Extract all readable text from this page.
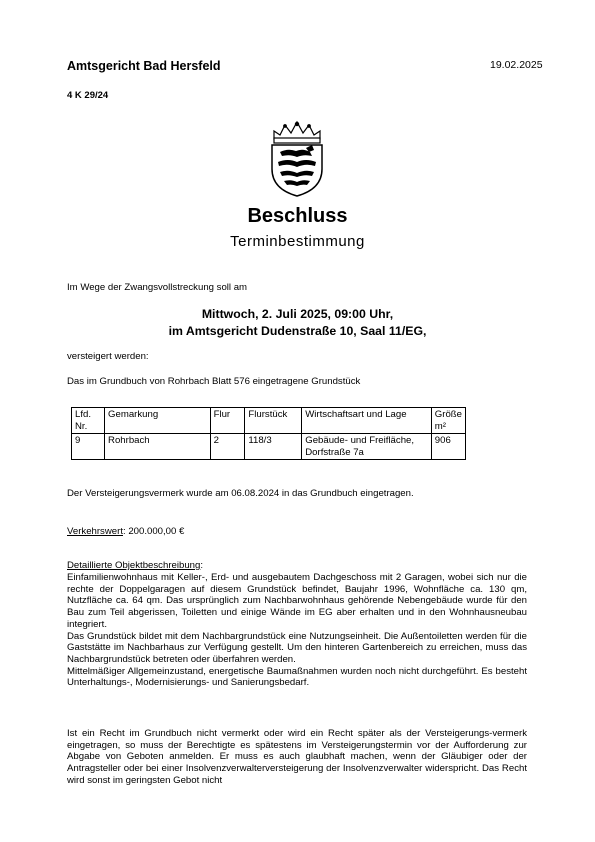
Amtsgericht Bad Hersfeld	19.02.2025
4 K 29/24
Beschluss
Terminbestimmung
Im Wege der Zwangsvollstreckung soll am
Mittwoch, 2. Juli 2025, 09:00 Uhr,
im Amtsgericht Dudenstraße 10, Saal 11/EG,
versteigert werden:
Das im Grundbuch von Rohrbach Blatt 576 eingetragene Grundstück
Lfd. Nr.	Gemarkung	Flur	Flurstück	Wirtschaftsart und Lage	Größe m²
9	Rohrbach	2	118/3	Gebäude- und Freifläche, Dorfstraße 7a	906
Der Versteigerungsvermerk wurde am 06.08.2024 in das Grundbuch eingetragen.
Verkehrswert: 200.000,00 €
Detaillierte Objektbeschreibung:
Einfamilienwohnhaus mit Keller-, Erd- und ausgebautem Dachgeschoss mit 2 Garagen, wobei sich nur die rechte der Doppelgaragen auf diesem Grundstück befindet, Baujahr 1996, Wohnfläche ca. 130 qm, Nutzfläche ca. 64 qm. Das ursprünglich zum Nachbarwohnhaus gehörende Nebengebäude wurde für den Bau zum Teil abgerissen, Toiletten und einige Wände im EG aber erhalten und in den Wohnhausneubau integriert.
Das Grundstück bildet mit dem Nachbargrundstück eine Nutzungseinheit. Die Außentoiletten werden für die Gaststätte im Nachbarhaus zur Verfügung gestellt. Um den hinteren Gartenbereich zu erreichen, muss das Nachbargrundstück betreten oder überfahren werden.
Mittelmäßiger Allgemeinzustand, energetische Baumaßnahmen wurden noch nicht durchgeführt. Es besteht Unterhaltungs-, Modernisierungs- und Sanierungsbedarf.
Ist ein Recht im Grundbuch nicht vermerkt oder wird ein Recht später als der Versteigerungs-vermerk eingetragen, so muss der Berechtigte es spätestens im Versteigerungstermin vor der Aufforderung zur Abgabe von Geboten anmelden. Er muss es auch glaubhaft machen, wenn der Gläubiger oder der Antragsteller oder bei einer Insolvenzverwalterversteigerung der Insolvenzverwalter widerspricht. Das Recht wird sonst im geringsten Gebot nicht
